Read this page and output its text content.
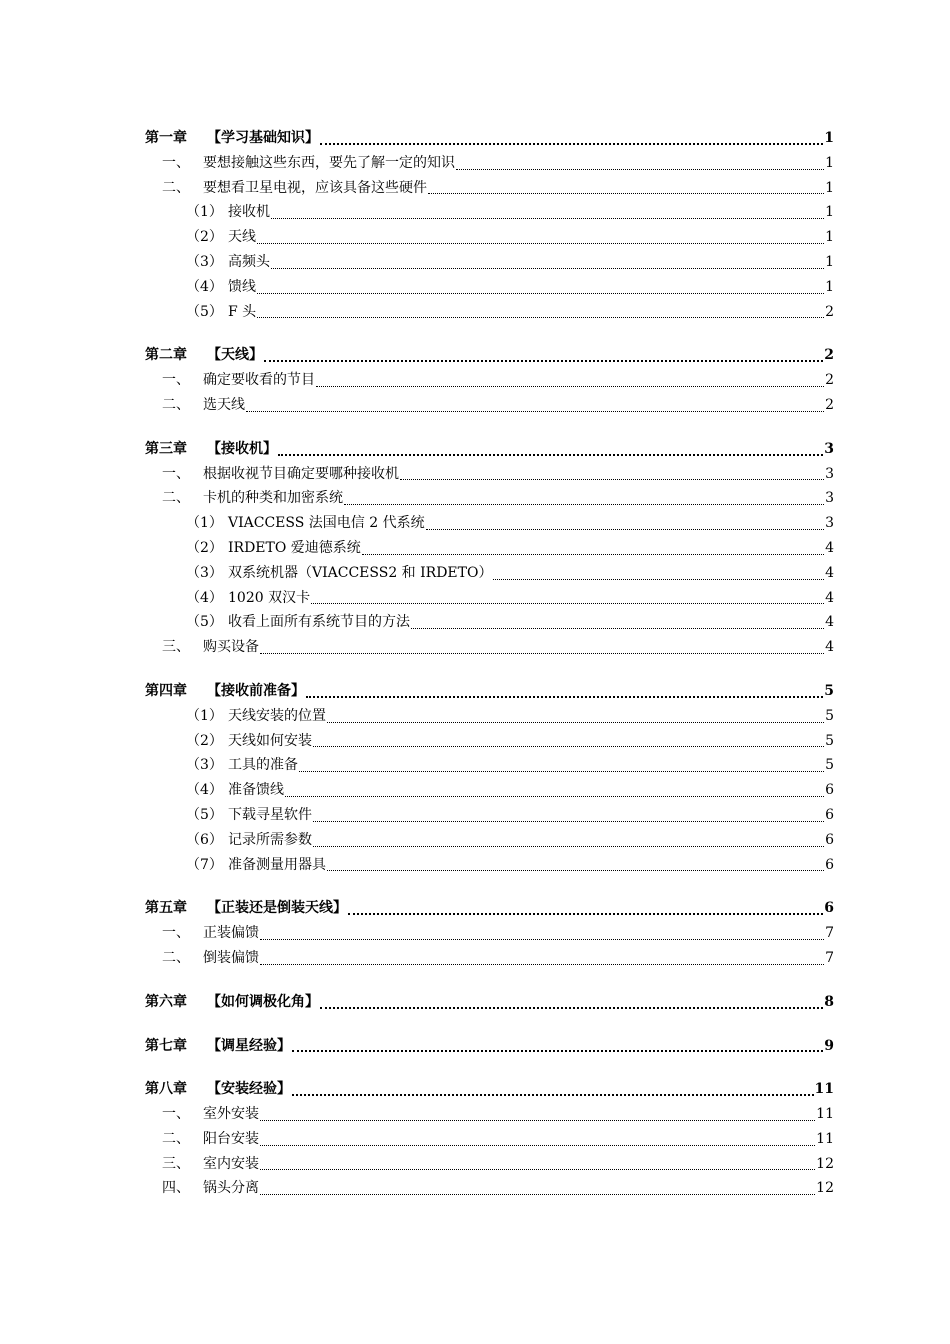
第一章	【学习基础知识】	1
一、 要想接触这些东西，要先了解一定的知识	1
二、 要想看卫星电视，应该具备这些硬件	1
（1） 接收机	1
（2） 天线	1
（3） 高频头	1
（4） 馈线	1
（5） F 头	2
第二章	【天线】	2
一、 确定要收看的节目	2
二、 选天线	2
第三章	【接收机】	3
一、 根据收视节目确定要哪种接收机	3
二、 卡机的种类和加密系统	3
（1） VIACCESS 法国电信 2 代系统	3
（2） IRDETO 爱迪德系统	4
（3） 双系统机器（VIACCESS2 和 IRDETO）	4
（4） 1020 双汉卡	4
（5） 收看上面所有系统节目的方法	4
三、 购买设备	4
第四章	【接收前准备】	5
（1） 天线安装的位置	5
（2） 天线如何安装	5
（3） 工具的准备	5
（4） 准备馈线	6
（5） 下载寻星软件	6
（6） 记录所需参数	6
（7） 准备测量用器具	6
第五章	【正装还是倒装天线】	6
一、 正装偏馈	7
二、 倒装偏馈	7
第六章	【如何调极化角】	8
第七章	【调星经验】	9
第八章	【安装经验】	11
一、 室外安装	11
二、 阳台安装	11
三、 室内安装	12
四、 锅头分离	12
